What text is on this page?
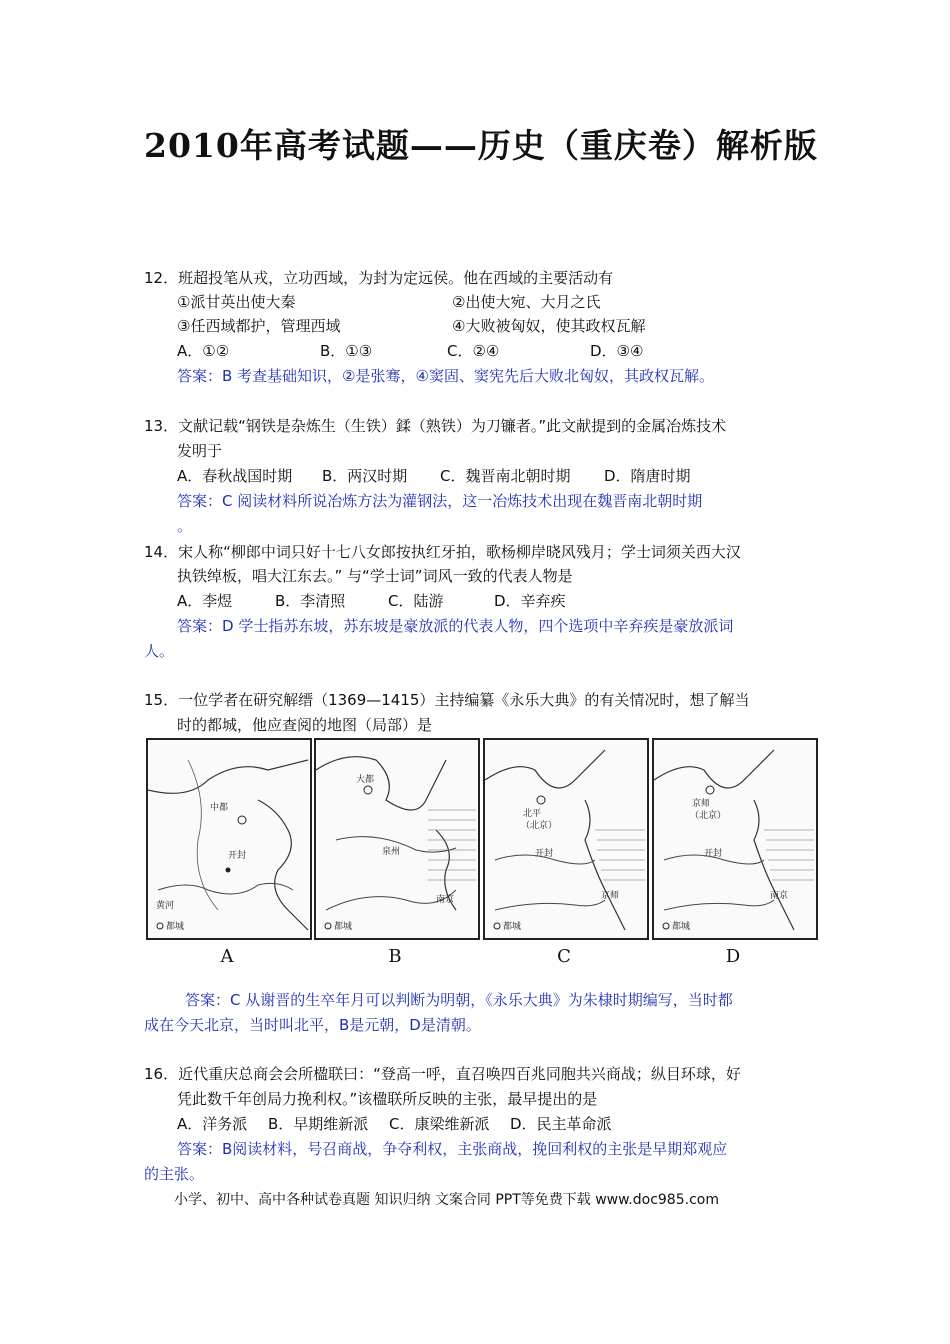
2010年高考试题——历史（重庆卷）解析版
12．班超投笔从戎，立功西域，为封为定远侯。他在西域的主要活动有
①派甘英出使大秦	②出使大宛、大月之氏
③任西域都护，管理西域	④大败被匈奴，使其政权瓦解
A．①②	B．①③	C．②④	D．③④
答案：B 考查基础知识，②是张骞，④窦固、窦宪先后大败北匈奴，其政权瓦解。
13．文献记载“钢铁是杂炼生（生铁）鍒（熟铁）为刀镰者。”此文献提到的金属冶炼技术
发明于
A．春秋战国时期 B．两汉时期 C．魏晋南北朝时期 D．隋唐时期
答案：C 阅读材料所说冶炼方法为灌钢法，这一冶炼技术出现在魏晋南北朝时期
。
14．宋人称“柳郎中词只好十七八女郎按执红牙拍，歌杨柳岸晓风残月；学士词须关西大汉
执铁绰板，唱大江东去。” 与“学士词”词风一致的代表人物是
A．李煜	B．李清照	C．陆游	D．辛弃疾
答案：D 学士指苏东坡，苏东坡是豪放派的代表人物，四个选项中辛弃疾是豪放派词
人。
15．一位学者在研究解缙（1369—1415）主持编纂《永乐大典》的有关情况时，想了解当
时的都城，他应查阅的地图（局部）是
中都
开封
黄河
都城
大都
泉州
南京
都城
北平
（北京）
开封
京师
都城
京师
（北京）
开封
南京
都城
A	B	C	D
答案：C 从谢晋的生卒年月可以判断为明朝，《永乐大典》为朱棣时期编写，当时都
成在今天北京，当时叫北平，B是元朝，D是清朝。
16．近代重庆总商会会所楹联曰：“登高一呼，直召唤四百兆同胞共兴商战；纵目环球，好
凭此数千年创局力挽利权。”该楹联所反映的主张，最早提出的是
A．洋务派 B．早期维新派 C．康梁维新派 D．民主革命派
答案：B阅读材料，号召商战，争夺利权，主张商战，挽回利权的主张是早期郑观应
的主张。
小学、初中、高中各种试卷真题 知识归纳 文案合同 PPT等免费下载 www.doc985.com
